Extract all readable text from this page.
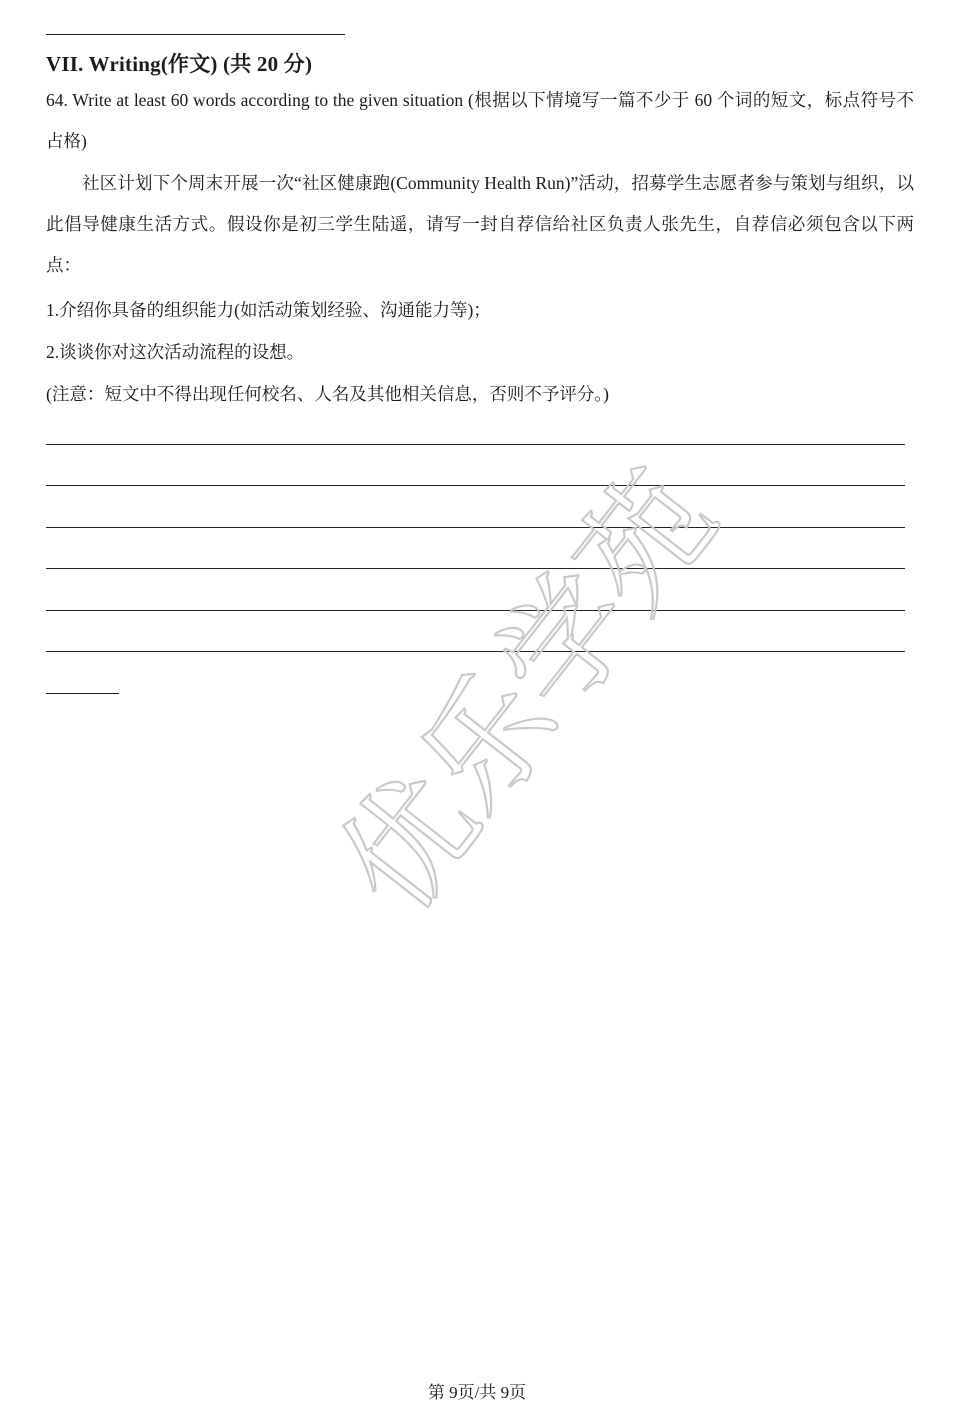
VII. Writing(作文) (共 20 分)
64. Write at least 60 words according to the given situation (根据以下情境写一篇不少于 60 个词的短文，标点符号不占格)
社区计划下个周末开展一次“社区健康跑(Community Health Run)”活动，招募学生志愿者参与策划与组织，以此倡导健康生活方式。假设你是初三学生陆遥，请写一封自荐信给社区负责人张先生，自荐信必须包含以下两点：
1.介绍你具备的组织能力(如活动策划经验、沟通能力等)；
2.谈谈你对这次活动流程的设想。
(注意：短文中不得出现任何校名、人名及其他相关信息，否则不予评分。)
优乐学苑
第 9页/共 9页
